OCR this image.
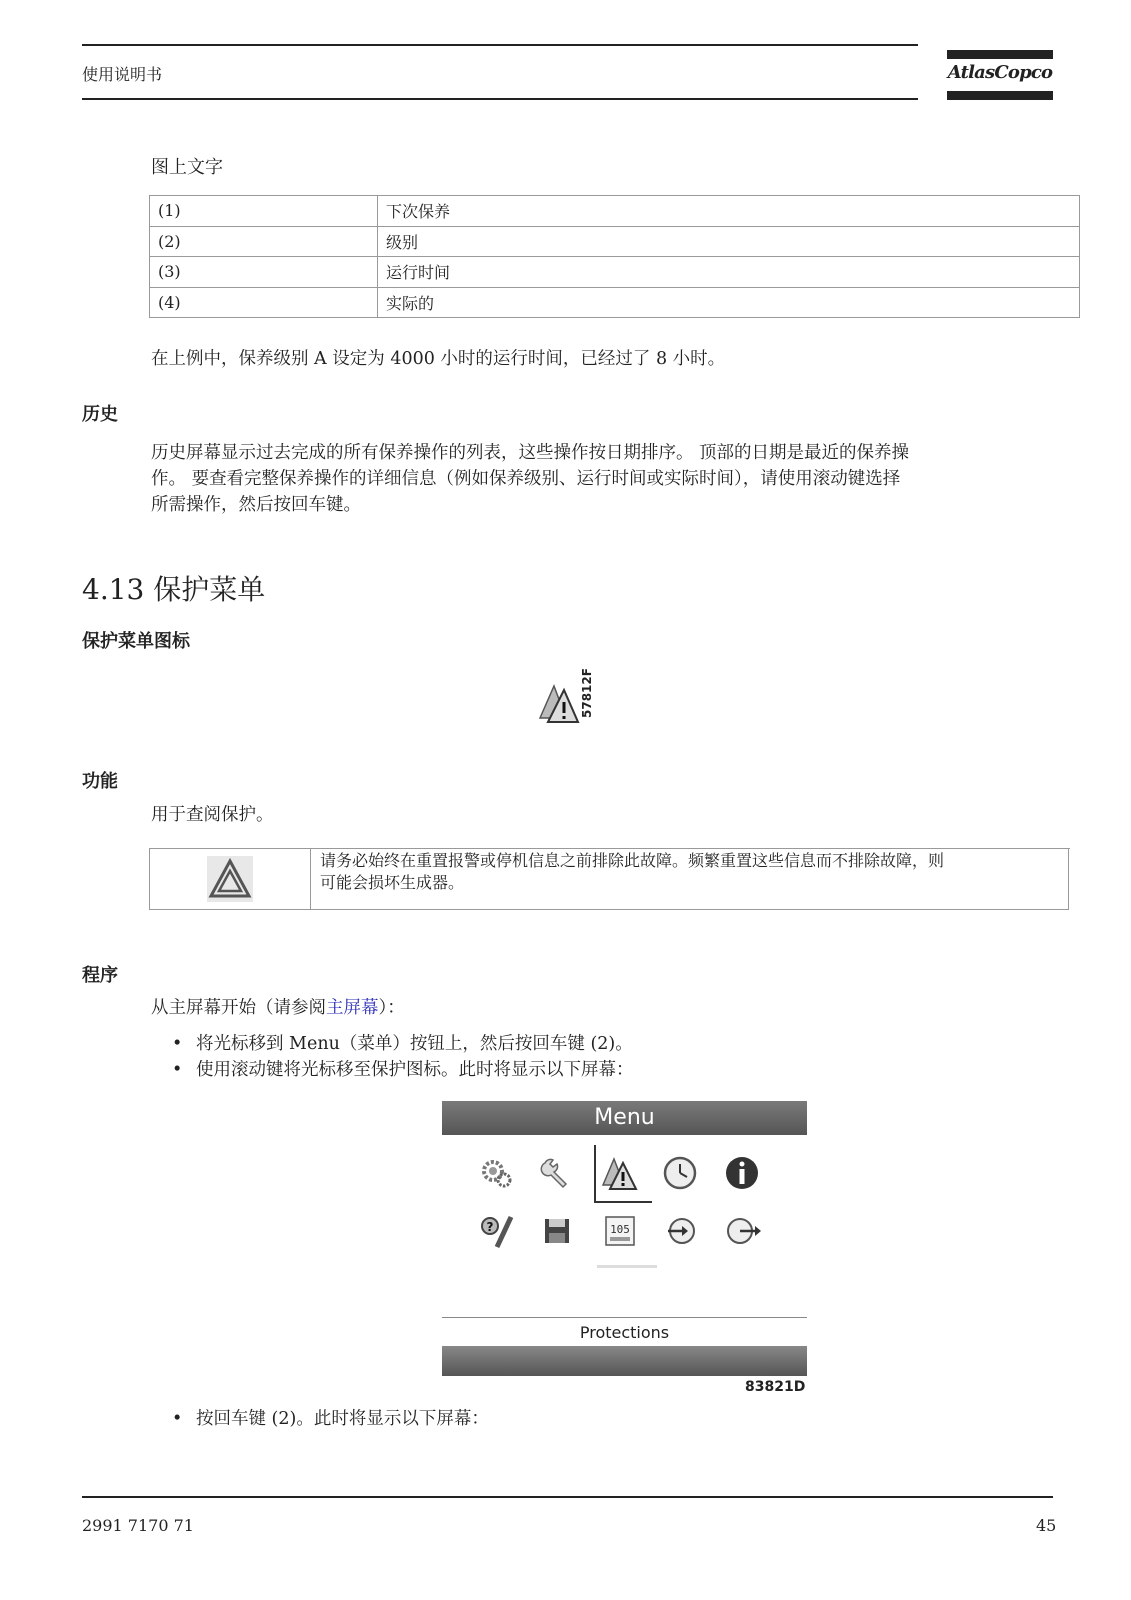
使用说明书	AtlasCopco
图上文字
(1)	下次保养
(2)	级别
(3)	运行时间
(4)	实际的
在上例中，保养级别 A 设定为 4000 小时的运行时间，已经过了 8 小时。
历史
历史屏幕显示过去完成的所有保养操作的列表，这些操作按日期排序。 顶部的日期是最近的保养操
作。 要查看完整保养操作的详细信息（例如保养级别、运行时间或实际时间），请使用滚动键选择
所需操作，然后按回车键。
4.13 保护菜单
保护菜单图标
57812F
功能
用于查阅保护。
请务必始终在重置报警或停机信息之前排除此故障。频繁重置这些信息而不排除故障，则
可能会损坏生成器。
程序
从主屏幕开始（请参阅主屏幕）：
• 将光标移到 Menu（菜单）按钮上，然后按回车键 (2)。
• 使用滚动键将光标移至保护图标。此时将显示以下屏幕：
Menu
?	105
Protections
83821D
• 按回车键 (2)。此时将显示以下屏幕：
2991 7170 71	45
